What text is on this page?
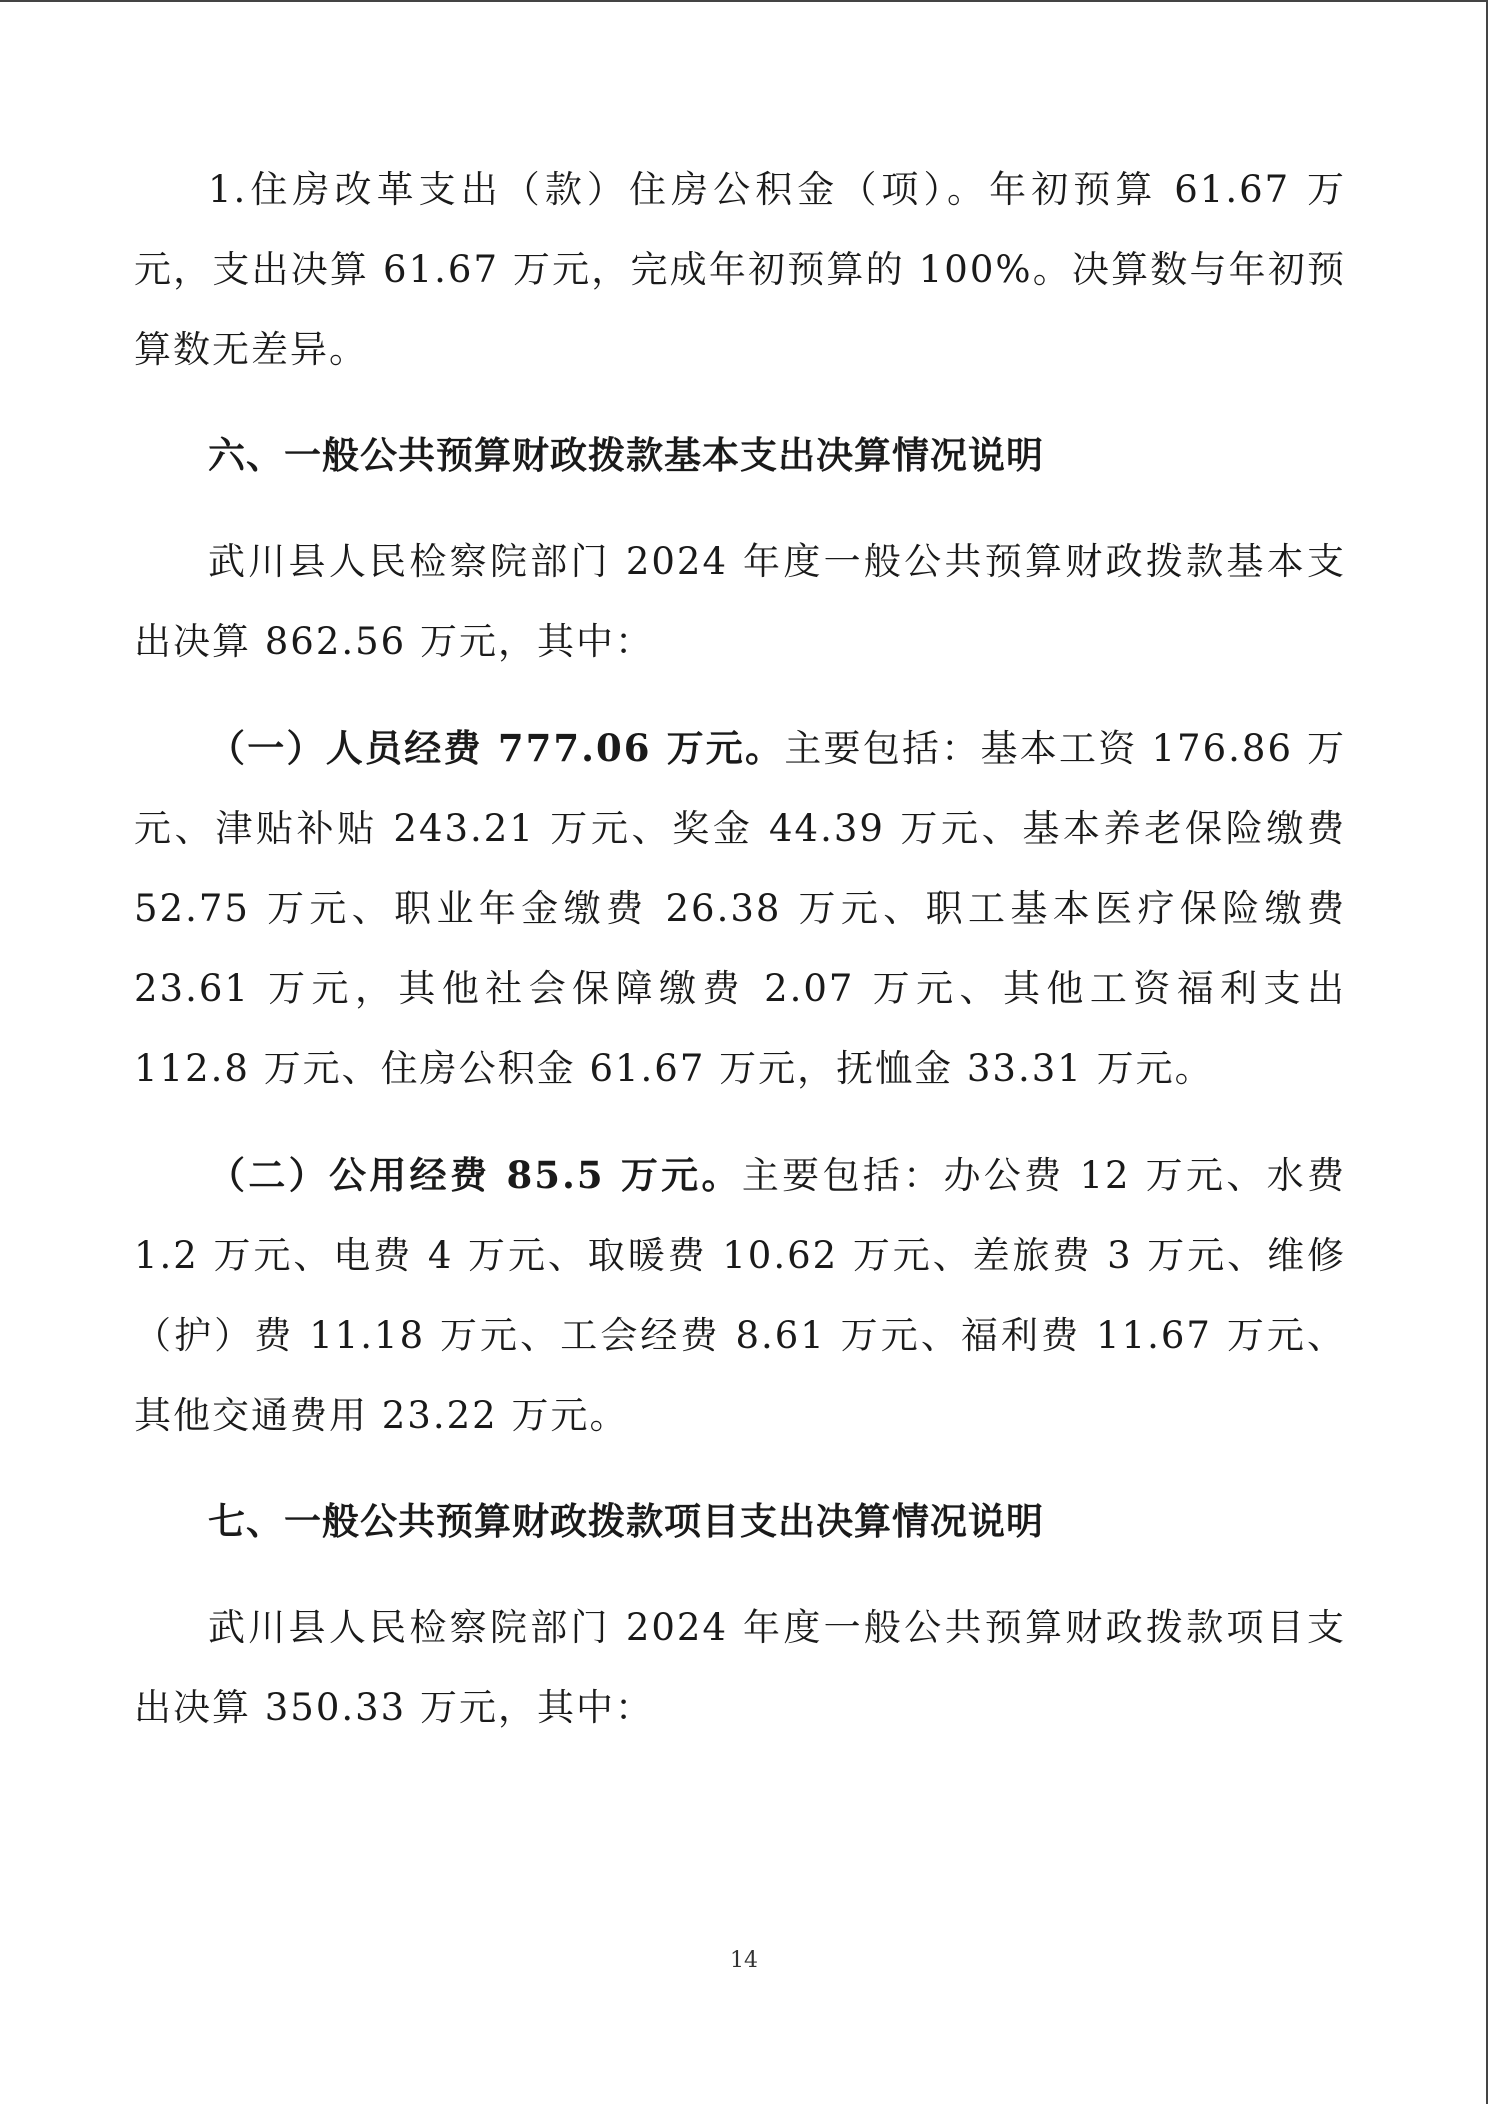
1.住房改革支出（款）住房公积金（项）。年初预算 61.67 万元，支出决算 61.67 万元，完成年初预算的 100%。决算数与年初预算数无差异。

六、一般公共预算财政拨款基本支出决算情况说明

武川县人民检察院部门 2024 年度一般公共预算财政拨款基本支出决算 862.56 万元，其中：

（一）人员经费 777.06 万元。主要包括：基本工资 176.86 万元、津贴补贴 243.21 万元、奖金 44.39 万元、基本养老保险缴费 52.75 万元、职业年金缴费 26.38 万元、职工基本医疗保险缴费 23.61 万元，其他社会保障缴费 2.07 万元、其他工资福利支出 112.8 万元、住房公积金 61.67 万元，抚恤金 33.31 万元。

（二）公用经费 85.5 万元。主要包括：办公费 12 万元、水费 1.2 万元、电费 4 万元、取暖费 10.62 万元、差旅费 3 万元、维修（护）费 11.18 万元、工会经费 8.61 万元、福利费 11.67 万元、其他交通费用 23.22 万元。

七、一般公共预算财政拨款项目支出决算情况说明

武川县人民检察院部门 2024 年度一般公共预算财政拨款项目支出决算 350.33 万元，其中：

14
